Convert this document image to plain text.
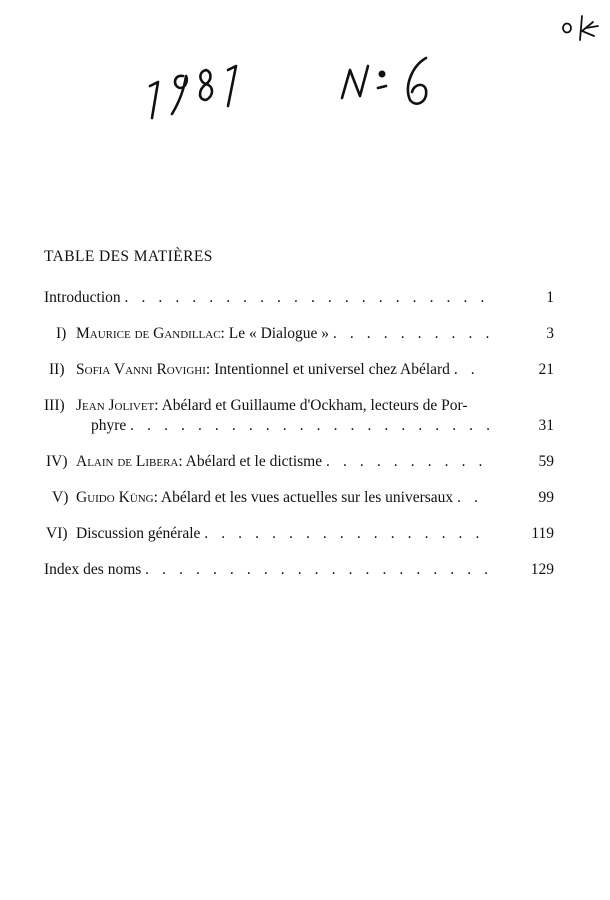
TABLE DES MATIÈRES
Introduction . . . . . . . . . . . . . . . . . . . . . .	1
I) Maurice de Gandillac: Le « Dialogue » . . . . . . . . . .	3
II) Sofia Vanni Rovighi: Intentionnel et universel chez Abélard . .	21
III) Jean Jolivet: Abélard et Guillaume d'Ockham, lecteurs de Por-
phyre . . . . . . . . . . . . . . . . . . . . . .	31
IV) Alain de Libera: Abélard et le dictisme . . . . . . . . . .	59
V) Guido Küng: Abélard et les vues actuelles sur les universaux . .	99
VI) Discussion générale . . . . . . . . . . . . . . . . .	119
Index des noms . . . . . . . . . . . . . . . . . . . . .	129
